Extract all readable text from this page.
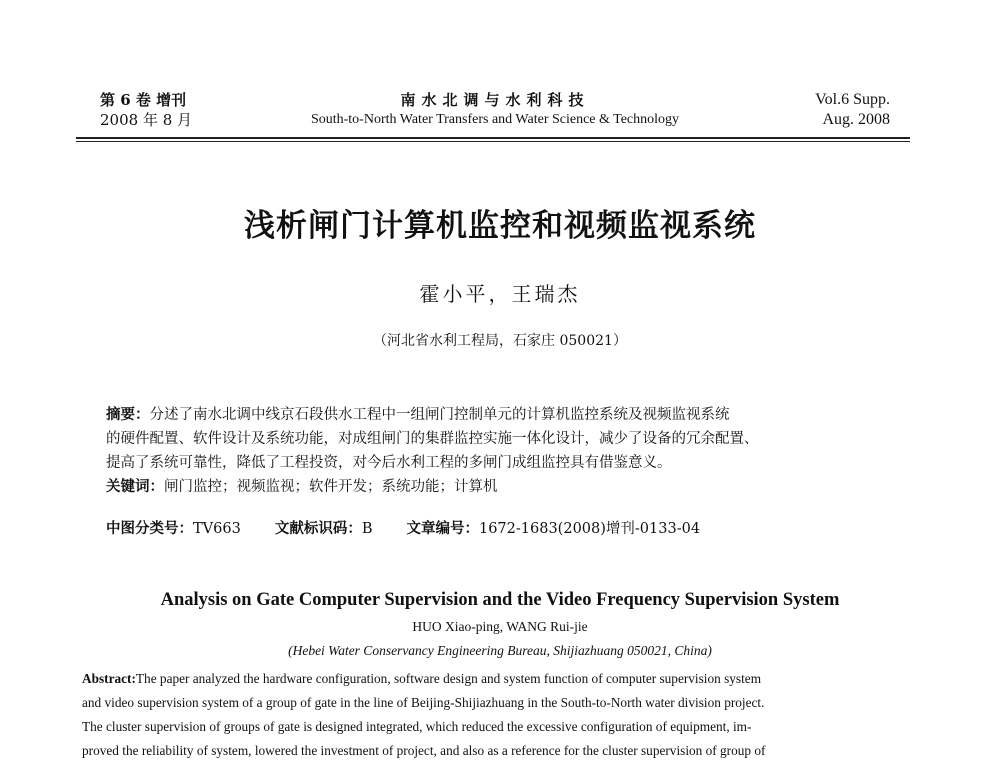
第 6 卷 增刊
2008 年 8 月
南水北调与水利科技
South-to-North Water Transfers and Water Science & Technology
Vol.6 Supp.
Aug. 2008
浅析闸门计算机监控和视频监视系统
霍小平，王瑞杰
（河北省水利工程局，石家庄 050021）
摘要：分述了南水北调中线京石段供水工程中一组闸门控制单元的计算机监控系统及视频监视系统
的硬件配置、软件设计及系统功能，对成组闸门的集群监控实施一体化设计，减少了设备的冗余配置、
提高了系统可靠性，降低了工程投资，对今后水利工程的多闸门成组监控具有借鉴意义。
关键词：闸门监控；视频监视；软件开发；系统功能；计算机
中图分类号：TV663 文献标识码：B 文章编号：1672-1683(2008)增刊-0133-04
Analysis on Gate Computer Supervision and the Video Frequency Supervision System
HUO Xiao-ping, WANG Rui-jie
(Hebei Water Conservancy Engineering Bureau, Shijiazhuang 050021, China)
Abstract:The paper analyzed the hardware configuration, software design and system function of computer supervision system
and video supervision system of a group of gate in the line of Beijing-Shijiazhuang in the South-to-North water division project.
The cluster supervision of groups of gate is designed integrated, which reduced the excessive configuration of equipment, im-
proved the reliability of system, lowered the investment of project, and also as a reference for the cluster supervision of group of
